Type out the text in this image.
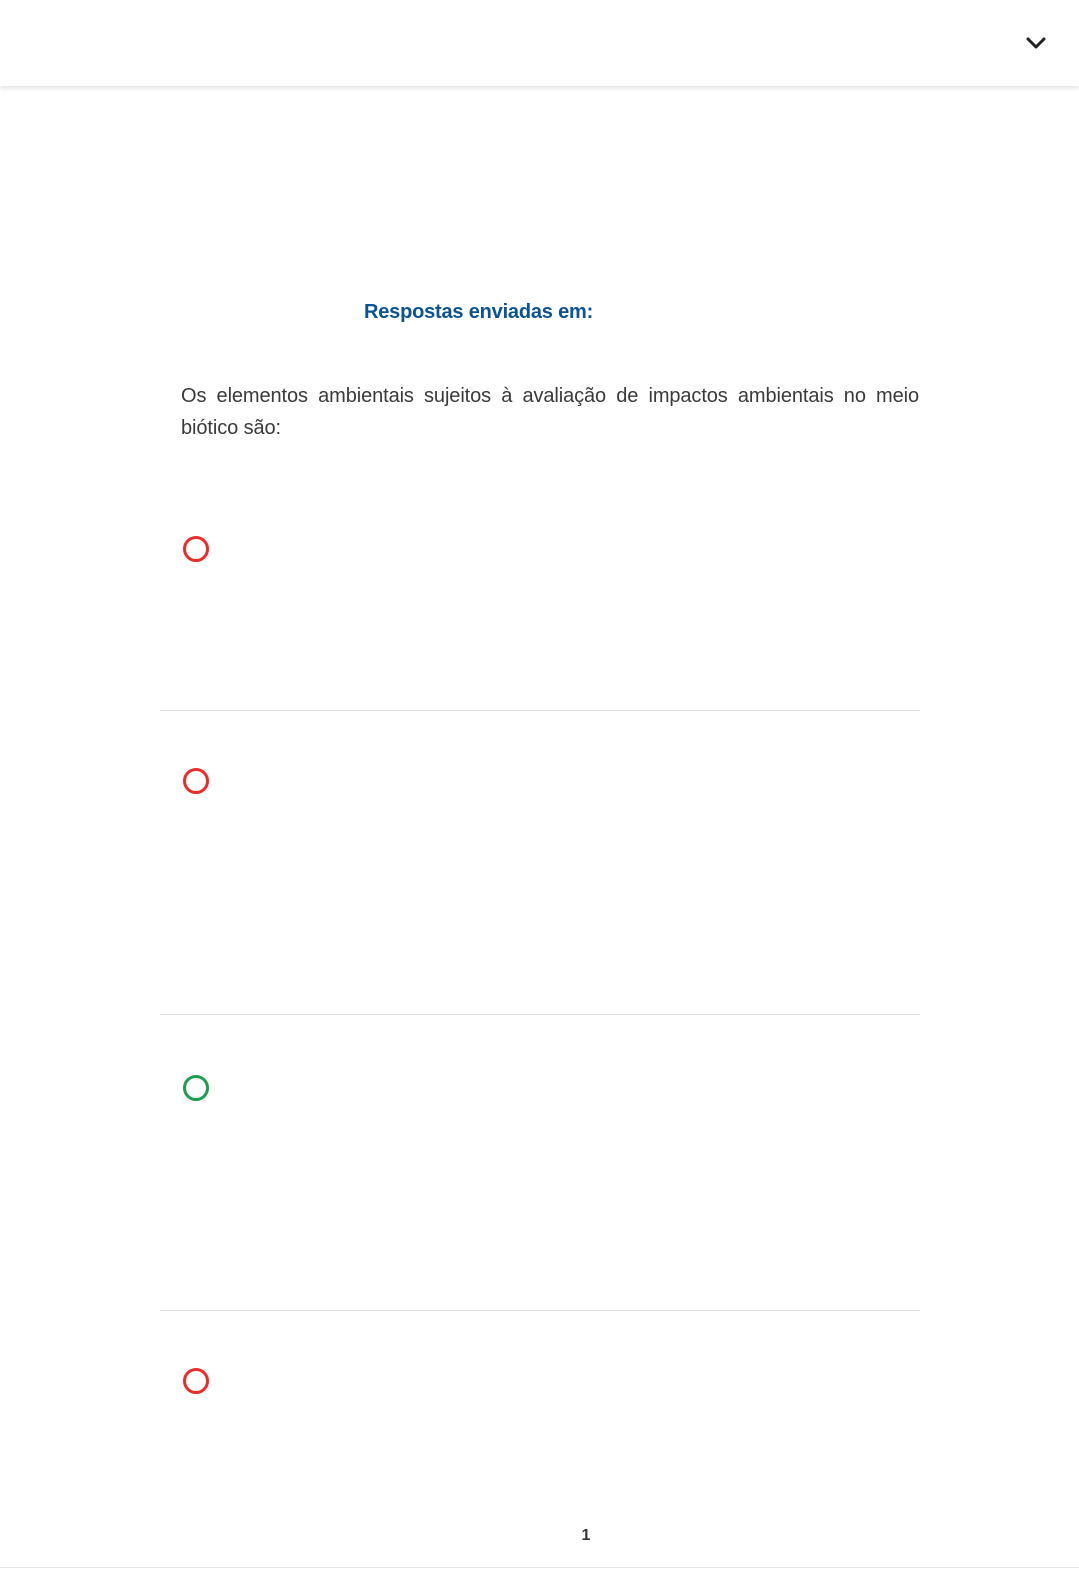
Respostas enviadas em:
Os elementos ambientais sujeitos à avaliação de impactos ambientais no meio biótico são:
1
